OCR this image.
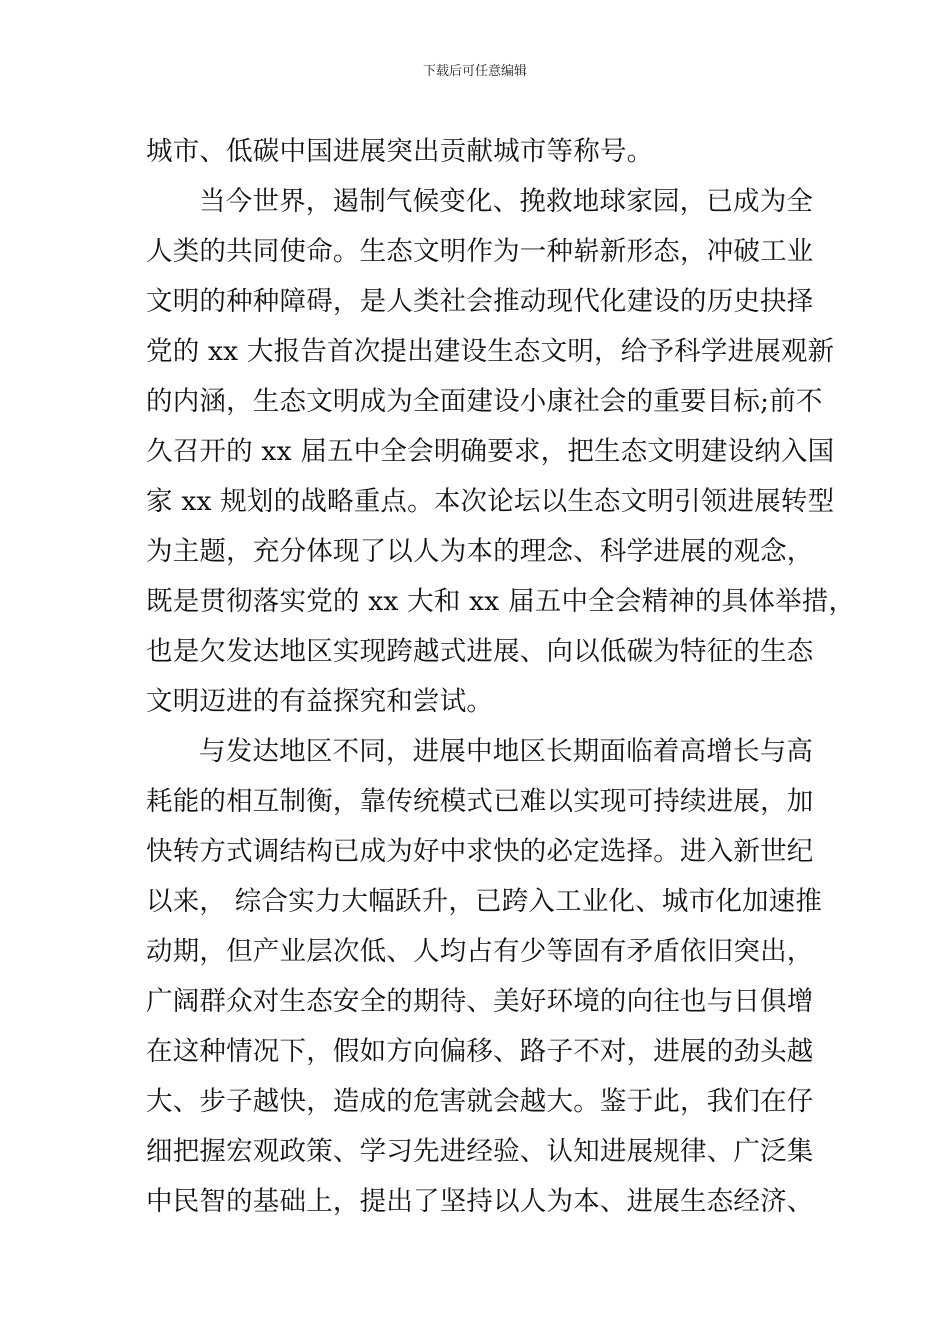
下载后可任意编辑
城市、低碳中国进展突出贡献城市等称号。
当今世界，遏制气候变化、挽救地球家园，已成为全
人类的共同使命。生态文明作为一种崭新形态，冲破工业
文明的种种障碍，是人类社会推动现代化建设的历史抉择
党的 xx 大报告首次提出建设生态文明，给予科学进展观新
的内涵，生态文明成为全面建设小康社会的重要目标;前不
久召开的 xx 届五中全会明确要求，把生态文明建设纳入国
家 xx 规划的战略重点。本次论坛以生态文明引领进展转型
为主题，充分体现了以人为本的理念、科学进展的观念，
既是贯彻落实党的 xx 大和 xx 届五中全会精神的具体举措，
也是欠发达地区实现跨越式进展、向以低碳为特征的生态
文明迈进的有益探究和尝试。
与发达地区不同，进展中地区长期面临着高增长与高
耗能的相互制衡，靠传统模式已难以实现可持续进展，加
快转方式调结构已成为好中求快的必定选择。进入新世纪
以来， 综合实力大幅跃升，已跨入工业化、城市化加速推
动期，但产业层次低、人均占有少等固有矛盾依旧突出，
广阔群众对生态安全的期待、美好环境的向往也与日俱增
在这种情况下，假如方向偏移、路子不对，进展的劲头越
大、步子越快，造成的危害就会越大。鉴于此，我们在仔
细把握宏观政策、学习先进经验、认知进展规律、广泛集
中民智的基础上，提出了坚持以人为本、进展生态经济、
